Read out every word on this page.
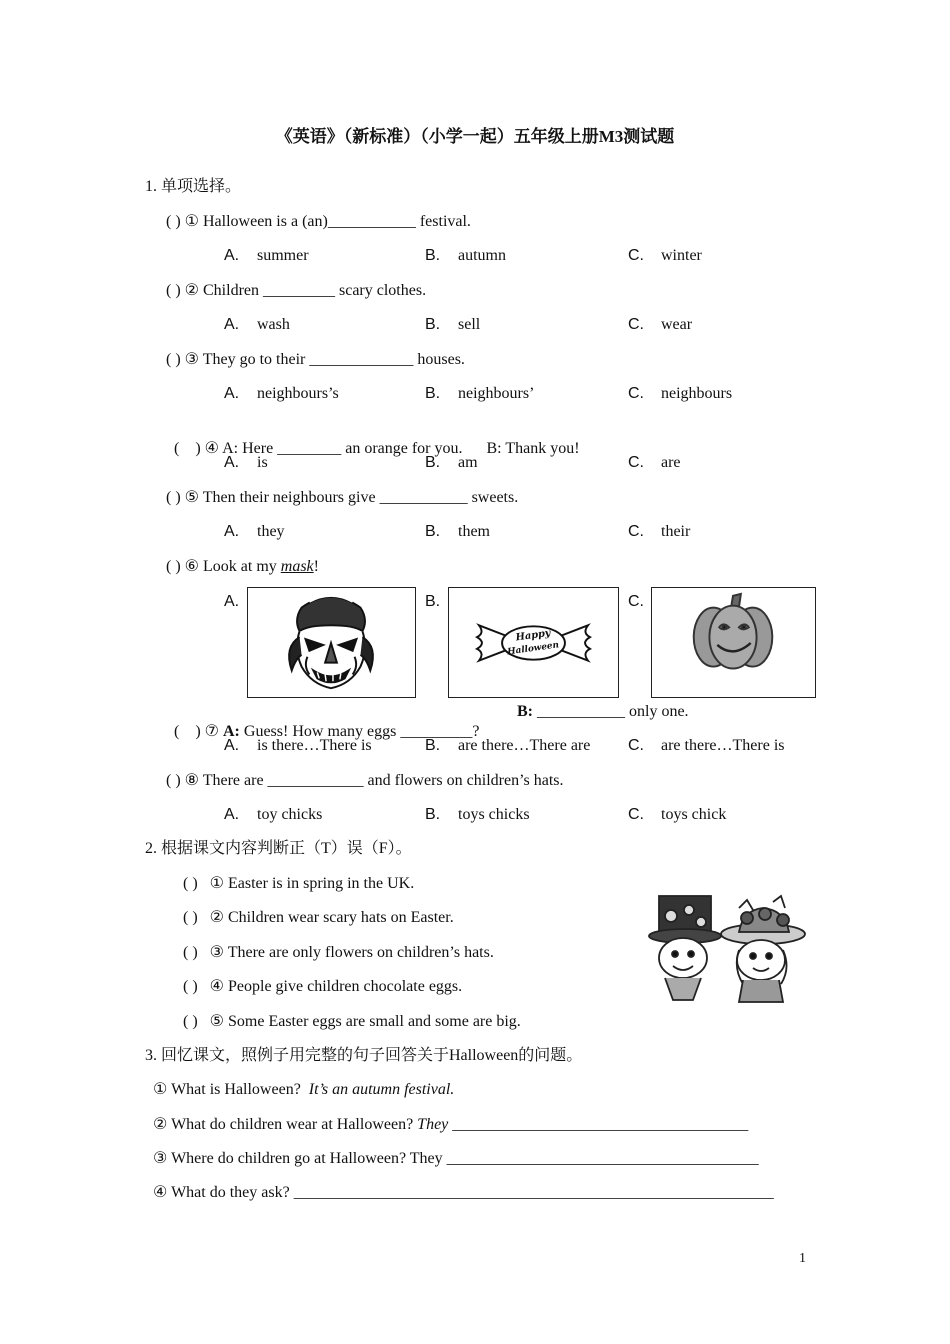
《英语》（新标准）（小学一起）五年级上册M3测试题
1. 单项选择。
( ) ① Halloween is a (an)___________ festival.
A. summer	B. autumn	C. winter
( ) ② Children _________ scary clothes.
A. wash	B. sell	C. wear
( ) ③ They go to their _____________ houses.
A. neighbours’s	B. neighbours’	C. neighbours

(    ) ④ A: Here ________ an orange for you.      B: Thank you!

A. is	B. am	C. are
( ) ⑤ Then their neighbours give ___________ sweets.
A. they	B. them	C. their
( ) ⑥ Look at my mask!
A.	B.
Happy
Halloween
C.

(    ) ⑦ A: Guess! How many eggs _________?

B: ___________ only one.
A. is there…There is	B. are there…There are C. are there…There is
( ) ⑧ There are ____________ and flowers on children’s hats.
A. toy chicks	B. toys chicks	C. toys chick
2. 根据课文内容判断正（T）误（F）。
( ) ① Easter is in spring in the UK.
( ) ② Children wear scary hats on Easter.
( ) ③ There are only flowers on children’s hats.
( ) ④ People give children chocolate eggs.
( ) ⑤ Some Easter eggs are small and some are big.
3. 回忆课文，照例子用完整的句子回答关于Halloween的问题。
① What is Halloween? It’s an autumn festival.
② What do children wear at Halloween? They _____________________________________
③ Where do children go at Halloween? They _______________________________________
④ What do they ask? ____________________________________________________________
1
